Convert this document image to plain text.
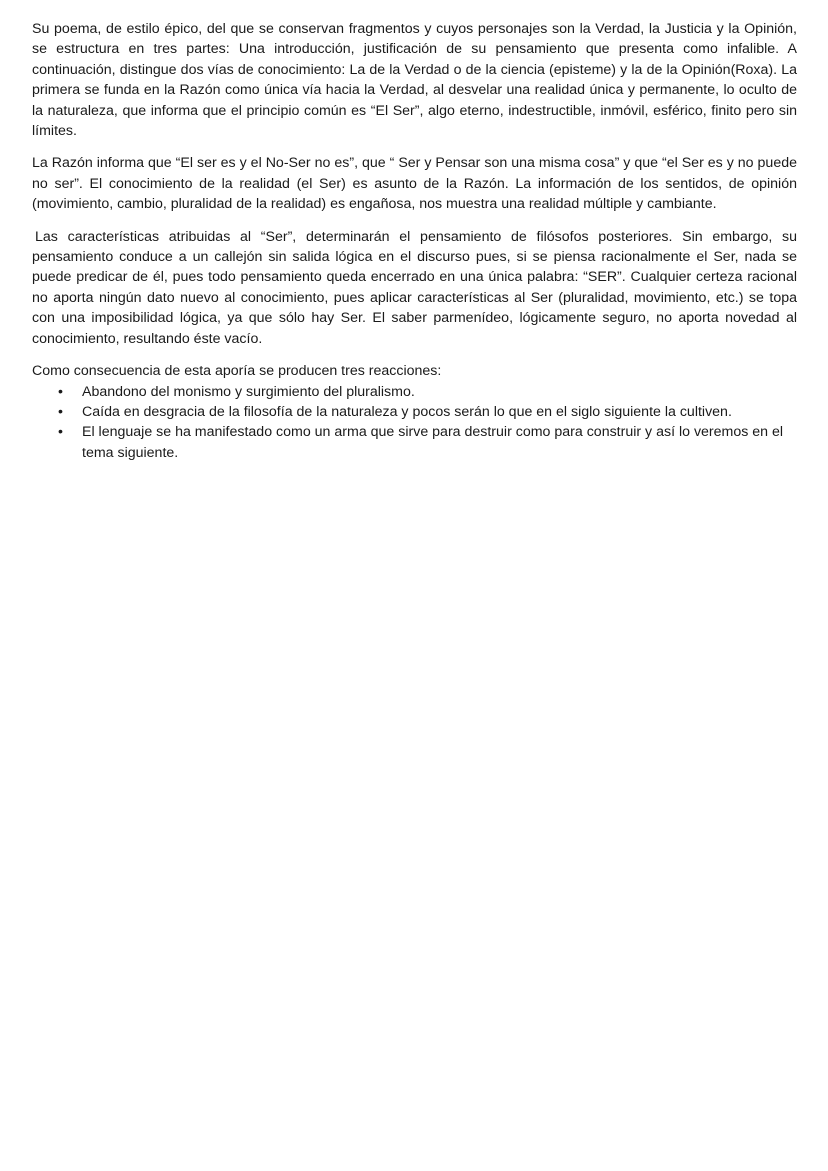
Su poema, de estilo épico, del que se conservan fragmentos y cuyos personajes son la Verdad, la Justicia y la Opinión, se estructura en tres partes: Una introducción, justificación de su pensamiento que presenta como infalible. A continuación, distingue dos vías de conocimiento: La de la Verdad o de la ciencia (episteme) y la de la Opinión(Roxa). La primera se funda en la Razón como única vía hacia la Verdad, al desvelar una realidad única y permanente, lo oculto de la naturaleza, que informa que el principio común es “El Ser”, algo eterno, indestructible, inmóvil, esférico, finito pero sin límites.

La Razón informa que “El ser es y el No-Ser no es”, que “ Ser y Pensar son una misma cosa” y que “el Ser es y no puede no ser”. El conocimiento de la realidad (el Ser) es asunto de la Razón. La información de los sentidos, de opinión (movimiento, cambio, pluralidad de la realidad) es engañosa, nos muestra una realidad múltiple y cambiante.

Las características atribuidas al “Ser”, determinarán el pensamiento de filósofos posteriores. Sin embargo, su pensamiento conduce a un callejón sin salida lógica en el discurso pues, si se piensa racionalmente el Ser, nada se puede predicar de él, pues todo pensamiento queda encerrado en una única palabra: “SER”. Cualquier certeza racional no aporta ningún dato nuevo al conocimiento, pues aplicar características al Ser (pluralidad, movimiento, etc.) se topa con una imposibilidad lógica, ya que sólo hay Ser. El saber parmenídeo, lógicamente seguro, no aporta novedad al conocimiento, resultando éste vacío.

Como consecuencia de esta aporía se producen tres reacciones:

• Abandono del monismo y surgimiento del pluralismo.
• Caída en desgracia de la filosofía de la naturaleza y pocos serán lo que en el siglo siguiente la cultiven.
• El lenguaje se ha manifestado como un arma que sirve para destruir como para construir y así lo veremos en el tema siguiente.
